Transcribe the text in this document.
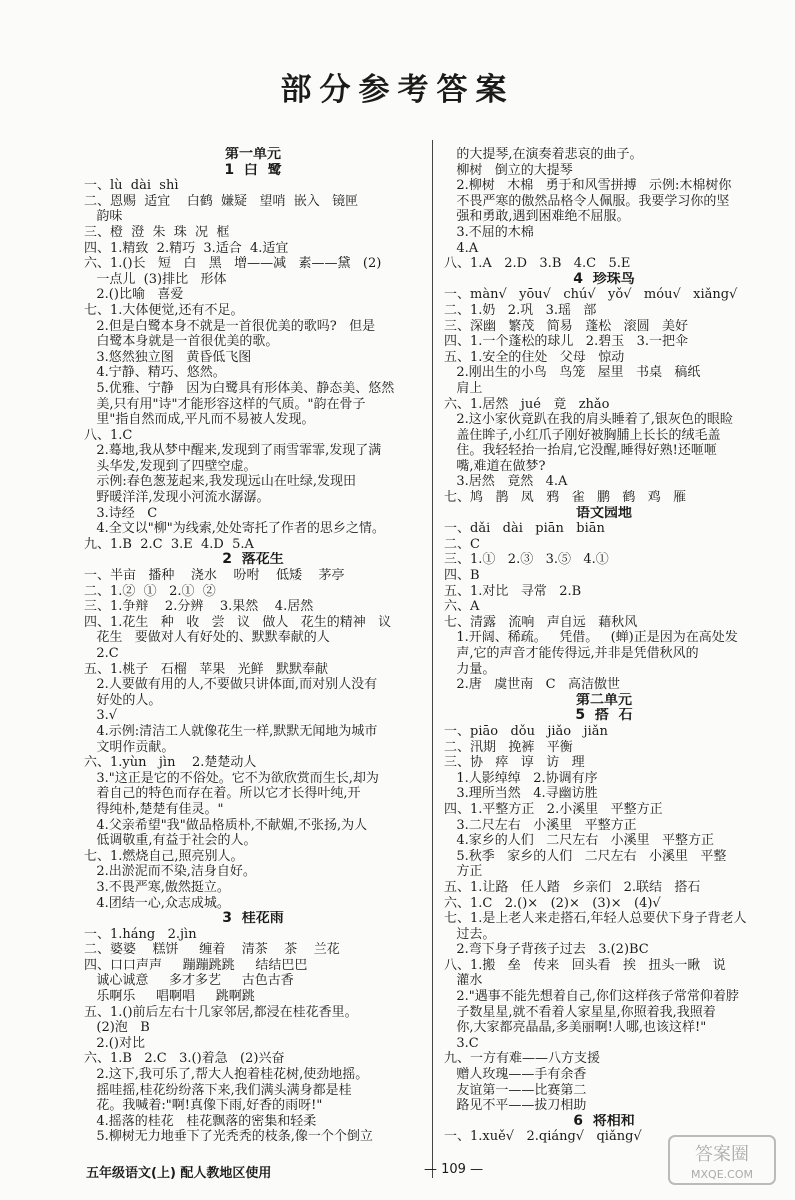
部分参考答案
第一单元
1  白  鹭
一、lù  dài  shì
二、恩赐  适宜    白鹤  嫌疑   望哨  嵌入   镜匣
韵味
三、橙  澄  朱  珠  况  框
四、1.精致  2.精巧  3.适合  4.适宜
六、1.()长   短   白   黑   增——减   素——黛   (2)
一点儿  (3)排比   形体
2.()比喻   喜爱
七、1.大体便觉,还有不足。
2.但是白鹭本身不就是一首很优美的歌吗?   但是
白鹭本身就是一首很优美的歌。
3.悠然独立图   黄昏低飞图
4.宁静、精巧、悠然。
5.优雅、宁静   因为白鹭具有形体美、静态美、悠然
美,只有用"诗"才能形容这样的气质。"韵在骨子
里"指自然而成,平凡而不易被人发现。
八、1.C
2.蓦地,我从梦中醒来,发现到了雨雪霏霏,发现了满
头华发,发现到了四壁空虚。
示例:春色葱茏起来,我发现远山在吐绿,发现田
野暖洋洋,发现小河流水潺潺。
3.诗经   C
4.全文以"柳"为线索,处处寄托了作者的思乡之情。
九、1.B  2.C  3.E  4.D  5.A
2  落花生
一、半亩   播种    浇水    吩咐    低矮    茅亭
二、1.②  ①   2.①  ②
三、1.争辩    2.分辨    3.果然    4.居然
四、1.花生   种   收   尝   议   做人   花生的精神   议
花生   要做对人有好处的、默默奉献的人
2.C
五、1.桃子   石榴   苹果   光鲜   默默奉献
2.人要做有用的人,不要做只讲体面,而对别人没有
好处的人。
3.√
4.示例:清洁工人就像花生一样,默默无闻地为城市
文明作贡献。
六、1.yùn   jìn    2.楚楚动人
3."这正是它的不俗处。它不为欲欣赏而生长,却为
着自己的特色而存在着。所以它才长得叶纯,开
得纯朴,楚楚有佳灵。"
4.父亲希望"我"做品格质朴,不献媚,不张扬,为人
低调敬重,有益于社会的人。
七、1.燃烧自己,照亮别人。
2.出淤泥而不染,洁身自好。
3.不畏严寒,傲然挺立。
4.团结一心,众志成城。
3  桂花雨
一、1.háng   2.jìn
二、婆婆    糕饼     缠着    清茶    茶    兰花
四、口口声声     蹦蹦跳跳     结结巴巴
诚心诚意     多才多艺     古色古香
乐啊乐     唱啊唱     跳啊跳
五、1.()前后左右十几家邻居,都浸在桂花香里。
(2)泡   B
2.()对比
六、1.B   2.C   3.()着急   (2)兴奋
2.这下,我可乐了,帮大人抱着桂花树,使劲地摇。
摇哇摇,桂花纷纷落下来,我们满头满身都是桂
花。我喊着:"啊!真像下雨,好香的雨呀!"
4.摇落的桂花   桂花飘落的密集和轻柔
5.柳树无力地垂下了光秃秃的枝条,像一个个倒立
的大提琴,在演奏着悲哀的曲子。
柳树   倒立的大提琴
2.柳树   木棉   勇于和风雪拼搏   示例:木棉树你
不畏严寒的傲然品格令人佩服。我要学习你的坚
强和勇敢,遇到困难绝不屈服。
3.不屈的木棉
4.A
八、1.A   2.D   3.B   4.C   5.E
4  珍珠鸟
一、màn√   yōu√   chú√   yǒ√   móu√   xiǎng√
二、1.奶   2.巩   3.瑶   部
三、深幽   繁茂   简易   蓬松   滚圆   美好
四、1.一个蓬松的球儿   2.碧玉   3.一把伞
五、1.安全的住处   父母   惊动
2.刚出生的小鸟   鸟笼   屋里   书桌   稿纸
肩上
六、1.居然   jué   竟   zhǎo
2.这小家伙竟趴在我的肩头睡着了,银灰色的眼睑
盖住眸子,小红爪子刚好被胸脯上长长的绒毛盖
住。我轻轻抬一抬肩,它没醒,睡得好熟!还咂咂
嘴,难道在做梦?
3.居然   竟然   4.A
七、鸠   鹊   凤   鸦   雀   鹏   鹤   鸡   雁
语文园地
一、dǎi   dài   piān   biān
二、C
三、1.①   2.③   3.⑤   4.①
四、B
五、1.对比   寻常   2.B
六、A
七、清露   流响   声自远   藉秋风
1.开阔、稀疏。   凭借。   (蝉)正是因为在高处发
声,它的声音才能传得远,并非是凭借秋风的
力量。
2.唐   虞世南   C   高洁傲世
第二单元
5  搭  石
一、piāo   dǒu   jiǎo   jiǎn
二、汛期   挽裤   平衡
三、协   瘁   谆   访   理
1.人影绰绰   2.协调有序
3.理所当然   4.寻幽访胜
四、1.平整方正   2.小溪里   平整方正
3.二尺左右   小溪里   平整方正
4.家乡的人们   二尺左右   小溪里   平整方正
5.秋季   家乡的人们   二尺左右   小溪里   平整
方正
五、1.让路   任人踏   乡亲们   2.联结   搭石
六、1.C   2.()×   (2)×   (3)×   (4)√
七、1.是上老人来走搭石,年轻人总要伏下身子背老人
过去。
2.弯下身子背孩子过去   3.(2)BC
八、1.搬   垒   传来   回头看   挨   扭头一瞅   说
灌水
2."遇事不能先想着自己,你们这样孩子常常仰着脖
子数星星,就不看着人家星星,你照着我,我照着
你,大家都亮晶晶,多美丽啊!人哪,也该这样!"
3.C
九、一方有难——八方支援
赠人玫瑰——手有余香
友谊第一——比赛第二
路见不平——拔刀相助
6  将相和
一、1.xuě√   2.qiáng√   qiǎng√
五年级语文(上) 配人教地区使用	— 109 —
答案圈
MXQE.COM
